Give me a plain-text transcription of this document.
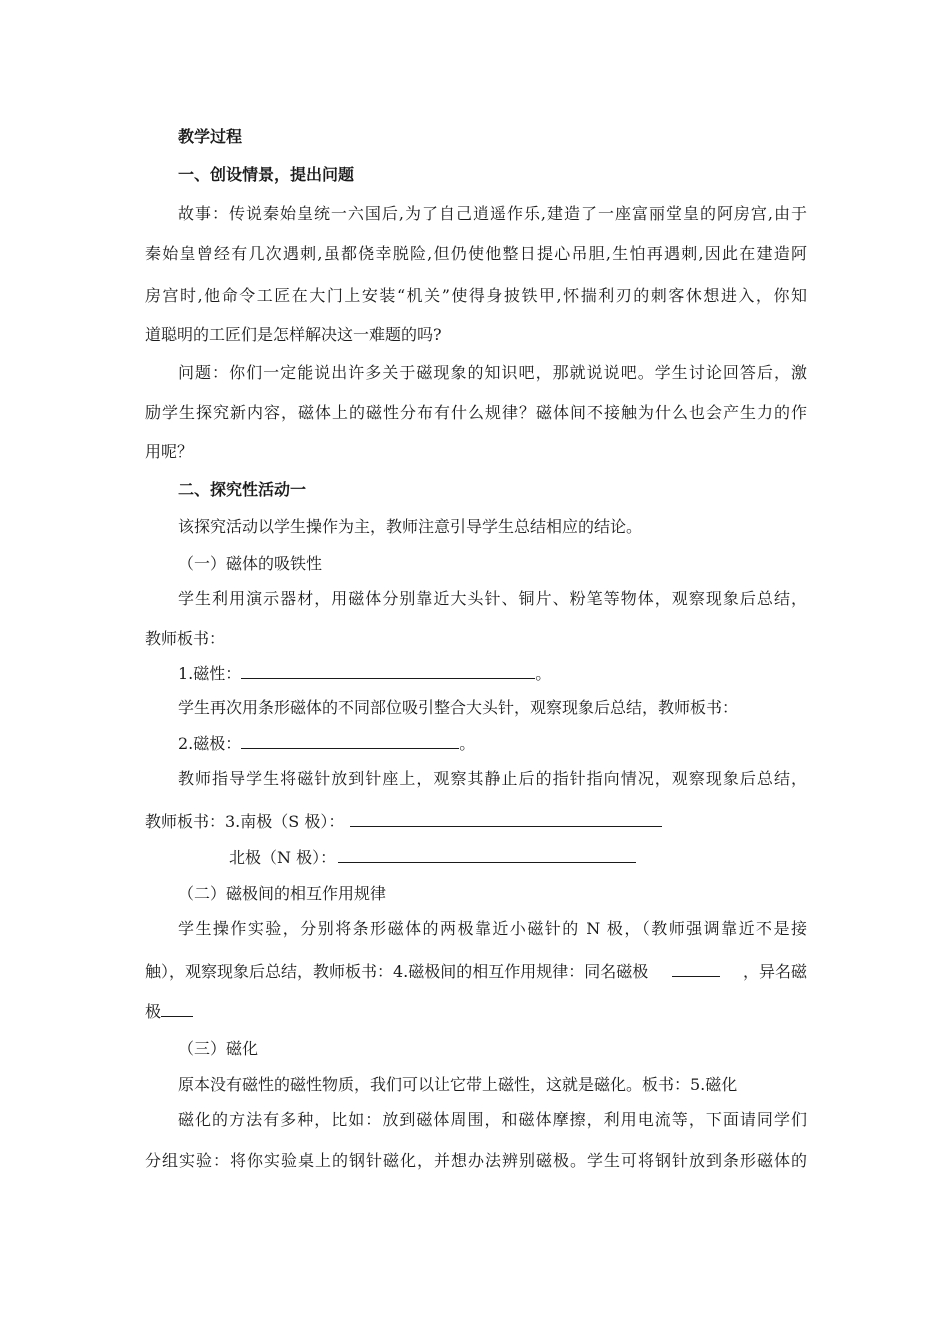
教学过程
一、创设情景，提出问题
故事：传说秦始皇统一六国后,为了自己逍遥作乐,建造了一座富丽堂皇的阿房宫,由于
秦始皇曾经有几次遇刺,虽都侥幸脱险,但仍使他整日提心吊胆,生怕再遇刺,因此在建造阿
房宫时,他命令工匠在大门上安装“机关”使得身披铁甲,怀揣利刃的刺客休想进入，你知
道聪明的工匠们是怎样解决这一难题的吗?
问题：你们一定能说出许多关于磁现象的知识吧，那就说说吧。学生讨论回答后，激
励学生探究新内容，磁体上的磁性分布有什么规律？磁体间不接触为什么也会产生力的作
用呢？
二、探究性活动一
该探究活动以学生操作为主，教师注意引导学生总结相应的结论。
（一）磁体的吸铁性
学生利用演示器材，用磁体分别靠近大头针、铜片、粉笔等物体，观察现象后总结，
教师板书：
1.磁性：	。
学生再次用条形磁体的不同部位吸引整合大头针，观察现象后总结，教师板书：
2.磁极：	。
教师指导学生将磁针放到针座上，观察其静止后的指针指向情况，观察现象后总结，
教师板书：3.南极（S 极）：
北极（N 极）：
（二）磁极间的相互作用规律
学生操作实验，分别将条形磁体的两极靠近小磁针的 N 极，（教师强调靠近不是接
触），观察现象后总结，教师板书：4.磁极间的相互作用规律：同名磁极	，异名磁
极
（三）磁化
原本没有磁性的磁性物质，我们可以让它带上磁性，这就是磁化。板书：5.磁化
磁化的方法有多种，比如：放到磁体周围，和磁体摩擦，利用电流等，下面请同学们
分组实验：将你实验桌上的钢针磁化，并想办法辨别磁极。学生可将钢针放到条形磁体的
